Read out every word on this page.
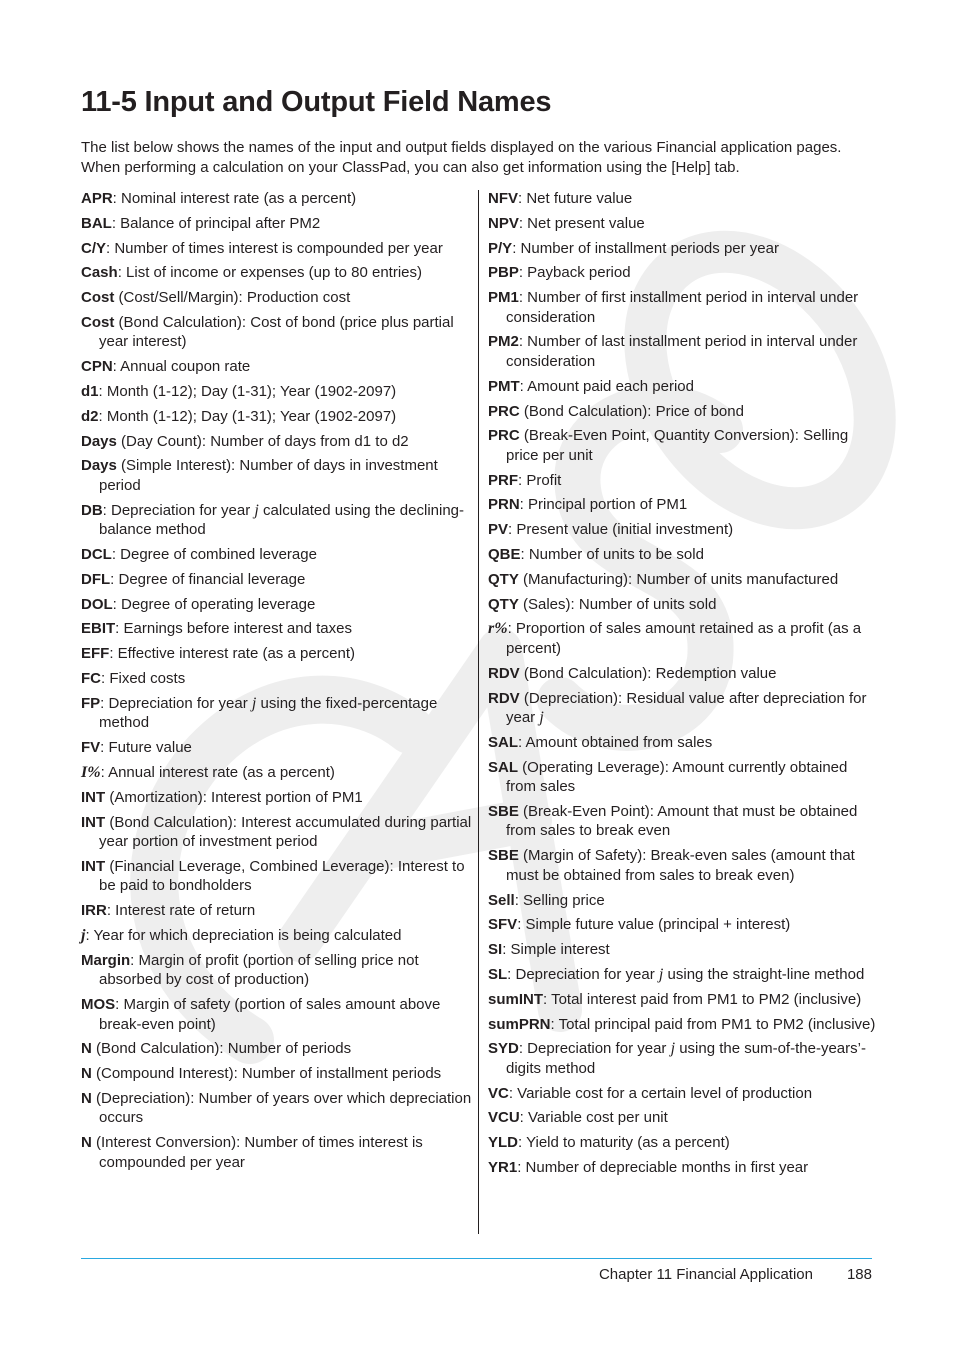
11-5 Input and Output Field Names

The list below shows the names of the input and output fields displayed on the various Financial application pages. When performing a calculation on your ClassPad, you can also get information using the [Help] tab.

APR: Nominal interest rate (as a percent)
BAL: Balance of principal after PM2
C/Y: Number of times interest is compounded per year
Cash: List of income or expenses (up to 80 entries)
Cost (Cost/Sell/Margin): Production cost
Cost (Bond Calculation): Cost of bond (price plus partial year interest)
CPN: Annual coupon rate
d1: Month (1-12); Day (1-31); Year (1902-2097)
d2: Month (1-12); Day (1-31); Year (1902-2097)
Days (Day Count): Number of days from d1 to d2
Days (Simple Interest): Number of days in investment period
DB: Depreciation for year j calculated using the declining-balance method
DCL: Degree of combined leverage
DFL: Degree of financial leverage
DOL: Degree of operating leverage
EBIT: Earnings before interest and taxes
EFF: Effective interest rate (as a percent)
FC: Fixed costs
FP: Depreciation for year j using the fixed-percentage method
FV: Future value
I%: Annual interest rate (as a percent)
INT (Amortization): Interest portion of PM1
INT (Bond Calculation): Interest accumulated during partial year portion of investment period
INT (Financial Leverage, Combined Leverage): Interest to be paid to bondholders
IRR: Interest rate of return
j: Year for which depreciation is being calculated
Margin: Margin of profit (portion of selling price not absorbed by cost of production)
MOS: Margin of safety (portion of sales amount above break-even point)
N (Bond Calculation): Number of periods
N (Compound Interest): Number of installment periods
N (Depreciation): Number of years over which depreciation occurs
N (Interest Conversion): Number of times interest is compounded per year
NFV: Net future value
NPV: Net present value
P/Y: Number of installment periods per year
PBP: Payback period
PM1: Number of first installment period in interval under consideration
PM2: Number of last installment period in interval under consideration
PMT: Amount paid each period
PRC (Bond Calculation): Price of bond
PRC (Break-Even Point, Quantity Conversion): Selling price per unit
PRF: Profit
PRN: Principal portion of PM1
PV: Present value (initial investment)
QBE: Number of units to be sold
QTY (Manufacturing): Number of units manufactured
QTY (Sales): Number of units sold
r%: Proportion of sales amount retained as a profit (as a percent)
RDV (Bond Calculation): Redemption value
RDV (Depreciation): Residual value after depreciation for year j
SAL: Amount obtained from sales
SAL (Operating Leverage): Amount currently obtained from sales
SBE (Break-Even Point): Amount that must be obtained from sales to break even
SBE (Margin of Safety): Break-even sales (amount that must be obtained from sales to break even)
Sell: Selling price
SFV: Simple future value (principal + interest)
SI: Simple interest
SL: Depreciation for year j using the straight-line method
sumINT: Total interest paid from PM1 to PM2 (inclusive)
sumPRN: Total principal paid from PM1 to PM2 (inclusive)
SYD: Depreciation for year j using the sum-of-the-years’-digits method
VC: Variable cost for a certain level of production
VCU: Variable cost per unit
YLD: Yield to maturity (as a percent)
YR1: Number of depreciable months in first year
Chapter 11 Financial Application 188
